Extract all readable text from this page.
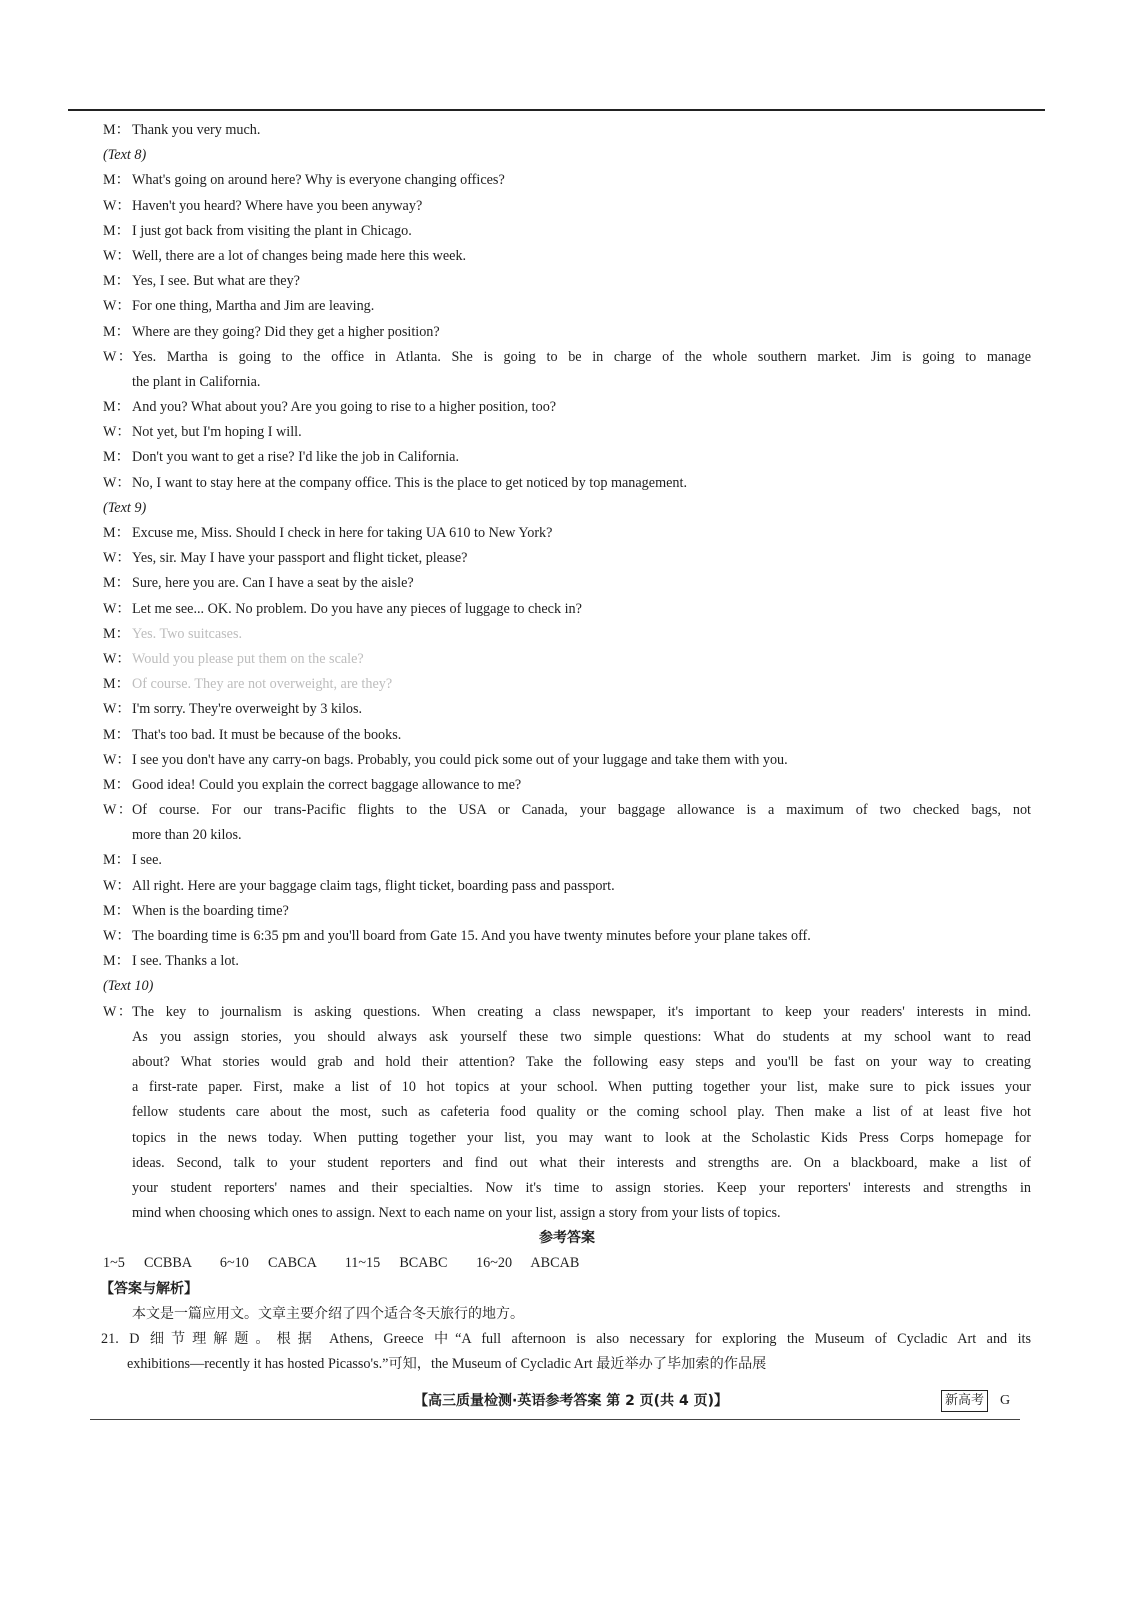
M： Thank you very much.
(Text 8)
M： What's going on around here? Why is everyone changing offices?
W：Haven't you heard? Where have you been anyway?
M： I just got back from visiting the plant in Chicago.
W：Well, there are a lot of changes being made here this week.
M： Yes, I see. But what are they?
W：For one thing, Martha and Jim are leaving.
M： Where are they going? Did they get a higher position?
W：Yes. Martha is going to the office in Atlanta. She is going to be in charge of the whole southern market. Jim is going to manage
the plant in California.
M： And you? What about you? Are you going to rise to a higher position, too?
W：Not yet, but I'm hoping I will.
M： Don't you want to get a rise? I'd like the job in California.
W：No, I want to stay here at the company office. This is the place to get noticed by top management.
(Text 9)
M： Excuse me, Miss. Should I check in here for taking UA 610 to New York?
W：Yes, sir. May I have your passport and flight ticket, please?
M： Sure, here you are. Can I have a seat by the aisle?
W：Let me see... OK. No problem. Do you have any pieces of luggage to check in?
M： Yes. Two suitcases.
W：Would you please put them on the scale?
M： Of course. They are not overweight, are they?
W：I'm sorry. They're overweight by 3 kilos.
M： That's too bad. It must be because of the books.
W：I see you don't have any carry-on bags. Probably, you could pick some out of your luggage and take them with you.
M： Good idea! Could you explain the correct baggage allowance to me?
W：Of course. For our trans-Pacific flights to the USA or Canada, your baggage allowance is a maximum of two checked bags, not
more than 20 kilos.
M： I see.
W：All right. Here are your baggage claim tags, flight ticket, boarding pass and passport.
M： When is the boarding time?
W：The boarding time is 6:35 pm and you'll board from Gate 15. And you have twenty minutes before your plane takes off.
M： I see. Thanks a lot.
(Text 10)
W：The key to journalism is asking questions. When creating a class newspaper, it's important to keep your readers' interests in mind.
As you assign stories, you should always ask yourself these two simple questions: What do students at my school want to read
about? What stories would grab and hold their attention? Take the following easy steps and you'll be fast on your way to creating
a first-rate paper. First, make a list of 10 hot topics at your school. When putting together your list, make sure to pick issues your
fellow students care about the most, such as cafeteria food quality or the coming school play. Then make a list of at least five hot
topics in the news today. When putting together your list, you may want to look at the Scholastic Kids Press Corps homepage for
ideas. Second, talk to your student reporters and find out what their interests and strengths are. On a blackboard, make a list of
your student reporters' names and their specialties. Now it's time to assign stories. Keep your reporters' interests and strengths in
mind when choosing which ones to assign. Next to each name on your list, assign a story from your lists of topics.
参考答案
1~5  CCBBA   6~10  CABCA   11~15  BCABC   16~20  ABCAB
【答案与解析】
本文是一篇应用文。文章主要介绍了四个适合冬天旅行的地方。
21. D 细节理解题。根据 Athens, Greece 中“A full afternoon is also necessary for exploring the Museum of Cycladic Art and its
exhibitions—recently it has hosted Picasso's.”可知，the Museum of Cycladic Art 最近举办了毕加索的作品展
【高三质量检测·英语参考答案 第 2 页(共 4 页)】	新高考 G
